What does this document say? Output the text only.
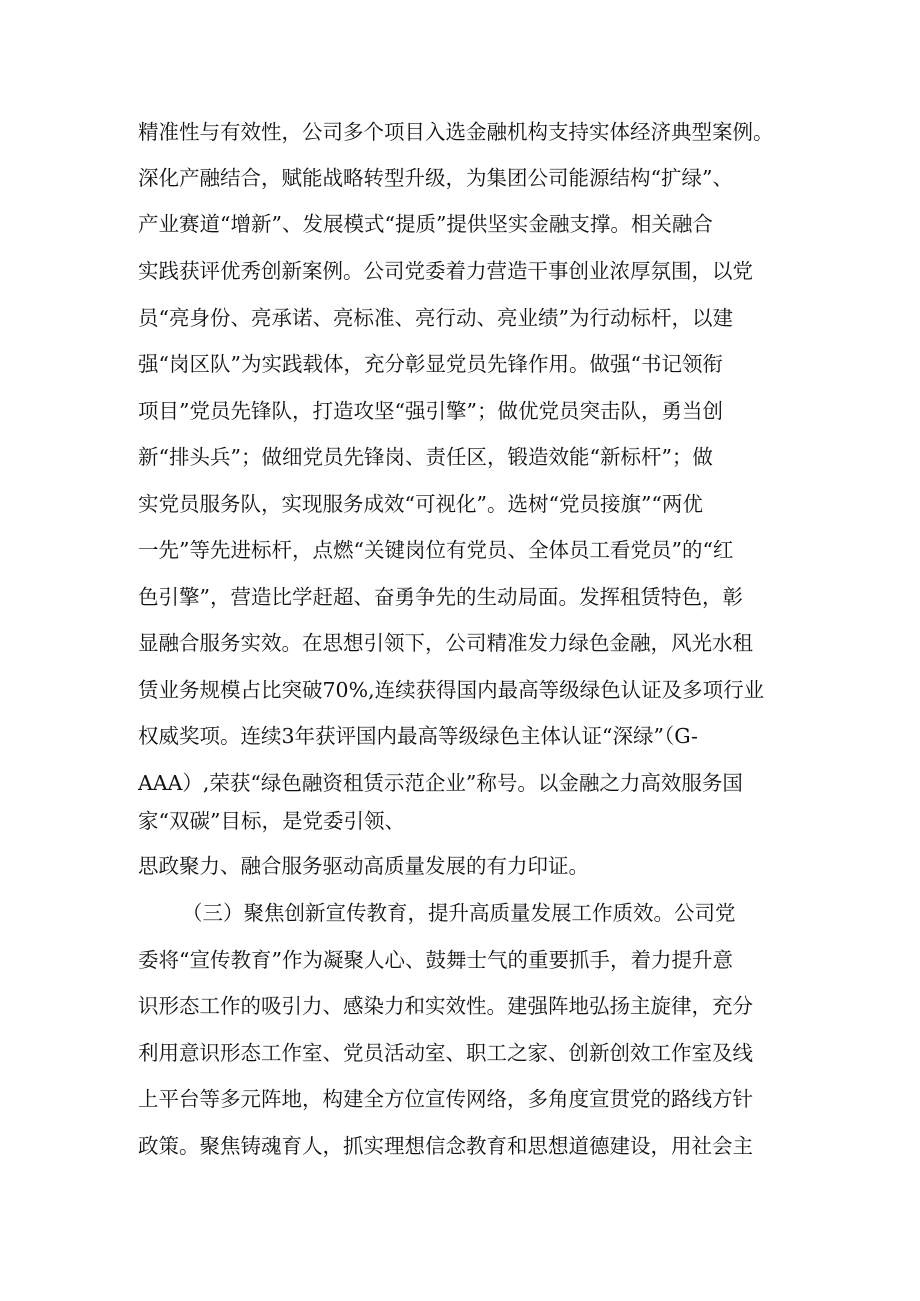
精准性与有效性，公司多个项目入选金融机构支持实体经济典型案例。
深化产融结合，赋能战略转型升级，为集团公司能源结构“扩绿”、
产业赛道“增新”、发展模式“提质”提供坚实金融支撑。相关融合
实践获评优秀创新案例。公司党委着力营造干事创业浓厚氛围，以党
员“亮身份、亮承诺、亮标准、亮行动、亮业绩”为行动标杆，以建
强“岗区队”为实践载体，充分彰显党员先锋作用。做强“书记领衔
项目”党员先锋队，打造攻坚“强引擎”；做优党员突击队，勇当创
新“排头兵”；做细党员先锋岗、责任区，锻造效能“新标杆”；做
实党员服务队，实现服务成效“可视化”。选树“党员接旗”“两优
一先”等先进标杆，点燃“关键岗位有党员、全体员工看党员”的“红
色引擎”，营造比学赶超、奋勇争先的生动局面。发挥租赁特色，彰
显融合服务实效。在思想引领下，公司精准发力绿色金融，风光水租
赁业务规模占比突破70%,连续获得国内最高等级绿色认证及多项行业
权威奖项。连续3年获评国内最高等级绿色主体认证“深绿”（G-
AAA）,荣获“绿色融资租赁示范企业”称号。以金融之力高效服务国
家“双碳”目标，是党委引领、
思政聚力、融合服务驱动高质量发展的有力印证。
（三）聚焦创新宣传教育，提升高质量发展工作质效。公司党
委将“宣传教育”作为凝聚人心、鼓舞士气的重要抓手，着力提升意
识形态工作的吸引力、感染力和实效性。建强阵地弘扬主旋律，充分
利用意识形态工作室、党员活动室、职工之家、创新创效工作室及线
上平台等多元阵地，构建全方位宣传网络，多角度宣贯党的路线方针
政策。聚焦铸魂育人，抓实理想信念教育和思想道德建设，用社会主
